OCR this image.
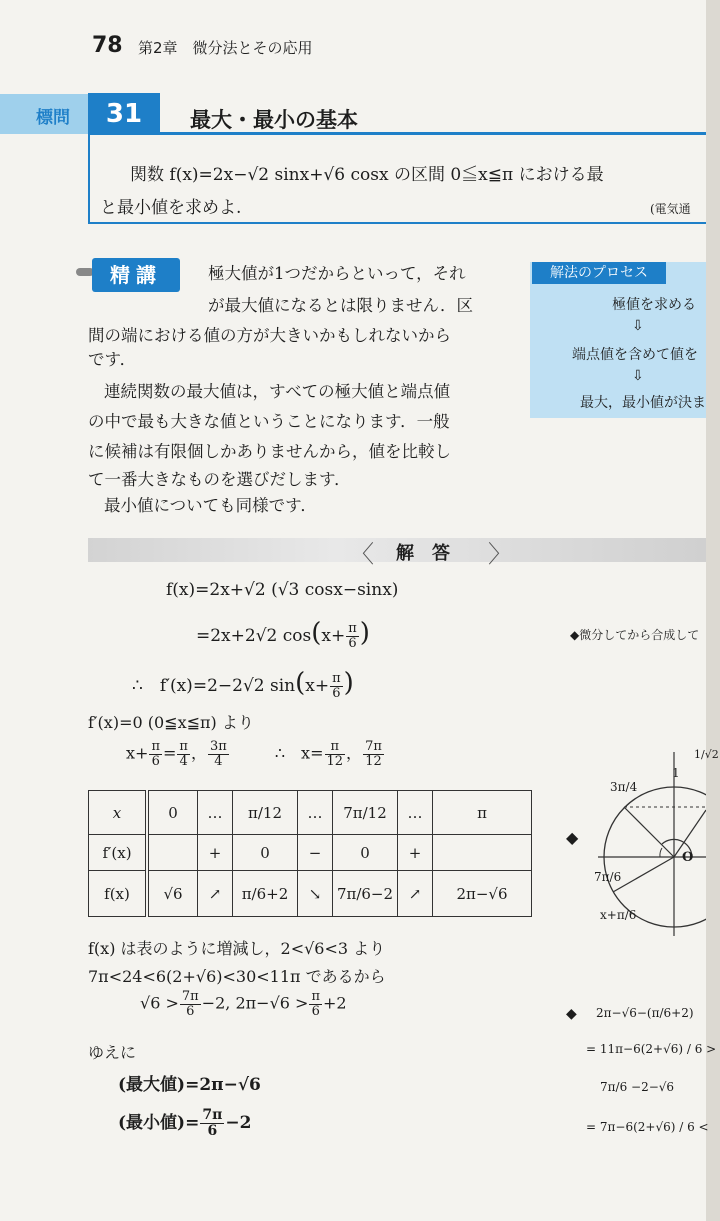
78 第2章　微分法とその応用
標問	31	最大・最小の基本
関数 f(x)=2x−√2 sinx+√6 cosx の区間 0≦x≦π における最
と最小値を求めよ.	(電気通
精講	極大値が1つだからといって，それ
が最大値になるとは限りません．区
間の端における値の方が大きいかもしれないから
です．
連続関数の最大値は，すべての極大値と端点値
の中で最も大きな値ということになります．一般
に候補は有限個しかありませんから，値を比較し
て一番大きなものを選びだします．
最小値についても同様です．
解法のプロセス
極値を求める
⇩
端点値を含めて値を
⇩
最大，最小値が決ま
〈 解　答 〉
f(x)=2x+√2 (√3 cosx−sinx)
=2x+2√2 $\cos(x+ \frac{\pi}{6}$ )	◆微分してから合成して
∴　f′(x)=2−2√2 $\sin(x+ \frac{\pi}{6}$ )
f′(x)=0 (0≦x≦π) より
$x+ \frac{\pi}{6} = \frac{\pi}{4}$ ， $\frac{3\pi}{4}$	∴　$x= \frac{\pi}{12}$ ， $\frac{7\pi}{12}$
x	0	…	π/12	…	7π/12	…	π
f′(x)		+	0	−	0	+	
f(x)	√6	↗	π/6+2	↘	7π/6−2	↗	2π−√6
◆
O
1
1/√2
3π/4
7π/6
x+π/6
f(x) は表のように増減し，2<√6<3 より
7π<24<6(2+√6)<30<11π であるから
$√6 > \frac{7\pi}{6} -2$, $2\pi-√6 > \frac{\pi}{6} +2$
ゆえに
(最大値)=2π−√6
(最小値)= $\frac{7\pi}{6} -2$
◆ 2π−√6−(π/6+2)
= 11π−6(2+√6) / 6 >
7π/6 −2−√6
= 7π−6(2+√6) / 6 <
